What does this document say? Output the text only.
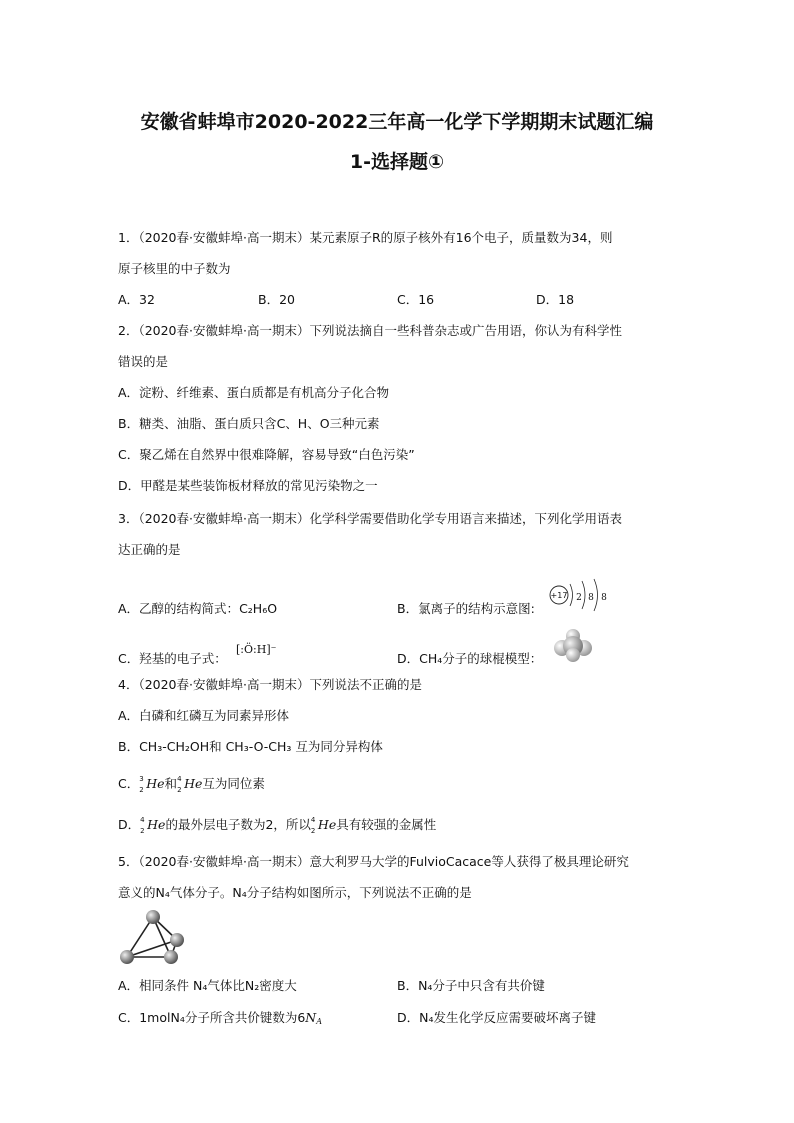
安徽省蚌埠市2020-2022三年高一化学下学期期末试题汇编
1-选择题①
1．（2020春·安徽蚌埠·高一期末）某元素原子R的原子核外有16个电子，质量数为34，则
原子核里的中子数为
A．32	B．20	C．16	D．18
2．（2020春·安徽蚌埠·高一期末）下列说法摘自一些科普杂志或广告用语，你认为有科学性
错误的是
A．淀粉、纤维素、蛋白质都是有机高分子化合物
B．糖类、油脂、蛋白质只含C、H、O三种元素
C．聚乙烯在自然界中很难降解，容易导致“白色污染”
D．甲醛是某些装饰板材释放的常见污染物之一
3．（2020春·安徽蚌埠·高一期末）化学科学需要借助化学专用语言来描述，下列化学用语表
达正确的是
A．乙醇的结构简式：C₂H₆O	B．氯离子的结构示意图:
+17 2 8 8
C．羟基的电子式：
[:Ö:H]⁻
D．CH₄分子的球棍模型：
4．（2020春·安徽蚌埠·高一期末）下列说法不正确的是
A．白磷和红磷互为同素异形体
B．CH₃-CH₂OH和 CH₃-O-CH₃ 互为同分异构体
C． 3
2 He和 4
2 He互为同位素
D． 4
2 He的最外层电子数为2，所以 4
2 He具有较强的金属性
5．（2020春·安徽蚌埠·高一期末）意大利罗马大学的FulvioCacace等人获得了极具理论研究
意义的N₄气体分子。N₄分子结构如图所示，下列说法不正确的是
A．相同条件 N₄气体比N₂密度大	B．N₄分子中只含有共价键
C．1molN₄分子所含共价键数为$6N_A$	D．N₄发生化学反应需要破坏离子键
